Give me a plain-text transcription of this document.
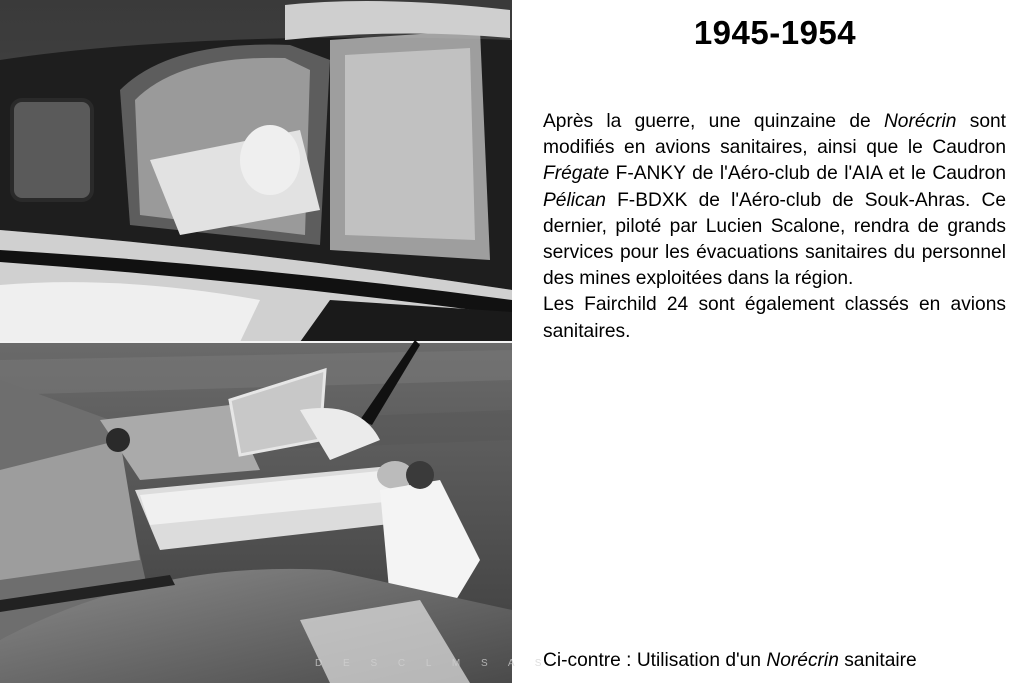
1945-1954

Après la guerre, une quinzaine de Norécrin sont modifiés en avions sanitaires, ainsi que le Caudron Frégate F-ANKY de l'Aéro-club de l'AIA et le Caudron Pélican F-BDXK de l'Aéro-club de Souk-Ahras. Ce dernier, piloté par Lucien Scalone, rendra de grands services pour les évacuations sanitaires du personnel des mines exploitées dans la région.

Les Fairchild 24 sont également classés en avions sanitaires.

D E S C L M S A S
Ci-contre : Utilisation d'un Norécrin sanitaire
